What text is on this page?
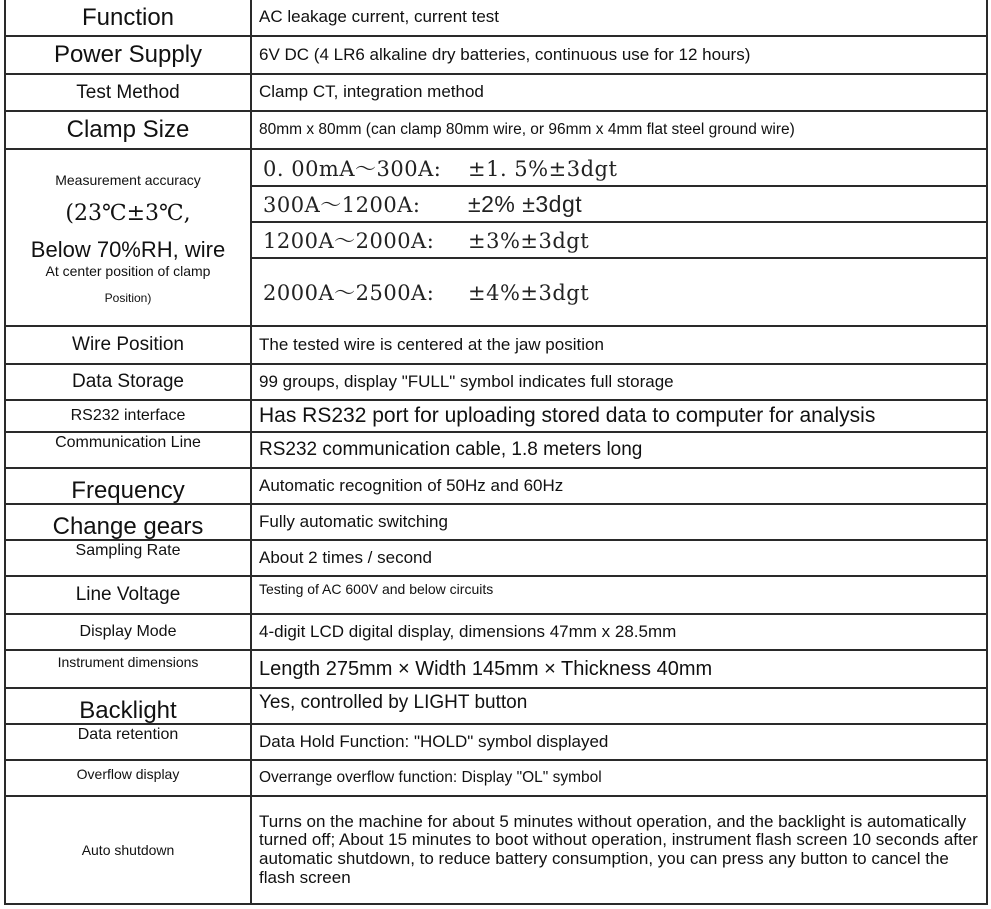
Function	AC leakage current, current test
Power Supply	6V DC (4 LR6 alkaline dry batteries, continuous use for 12 hours)
Test Method	Clamp CT, integration method
Clamp Size	80mm x 80mm (can clamp 80mm wire, or 96mm x 4mm flat steel ground wire)

Measurement accuracy
(23℃±3℃,
Below 70%RH, wire
At center position of clamp
Position)	0. 00mA～300A: ±1. 5%±3dgt
	300A～1200A: ±2% ±3dgt
	1200A～2000A: ±3%±3dgt
	2000A～2500A: ±4%±3dgt
Wire Position	The tested wire is centered at the jaw position
Data Storage	99 groups, display "FULL" symbol indicates full storage
RS232 interface	Has RS232 port for uploading stored data to computer for analysis
Communication Line	RS232 communication cable, 1.8 meters long
Frequency	Automatic recognition of 50Hz and 60Hz
Change gears	Fully automatic switching
Sampling Rate	About 2 times / second
Line Voltage	Testing of AC 600V and below circuits
Display Mode	4-digit LCD digital display, dimensions 47mm x 28.5mm
Instrument dimensions	Length 275mm × Width 145mm × Thickness 40mm
Backlight	Yes, controlled by LIGHT button
Data retention	Data Hold Function: "HOLD" symbol displayed
Overflow display	Overrange overflow function: Display "OL" symbol
Auto shutdown	Turns on the machine for about 5 minutes without operation, and the backlight is automatically turned off; About 15 minutes to boot without operation, instrument flash screen 10 seconds after automatic shutdown, to reduce battery consumption, you can press any button to cancel the flash screen
